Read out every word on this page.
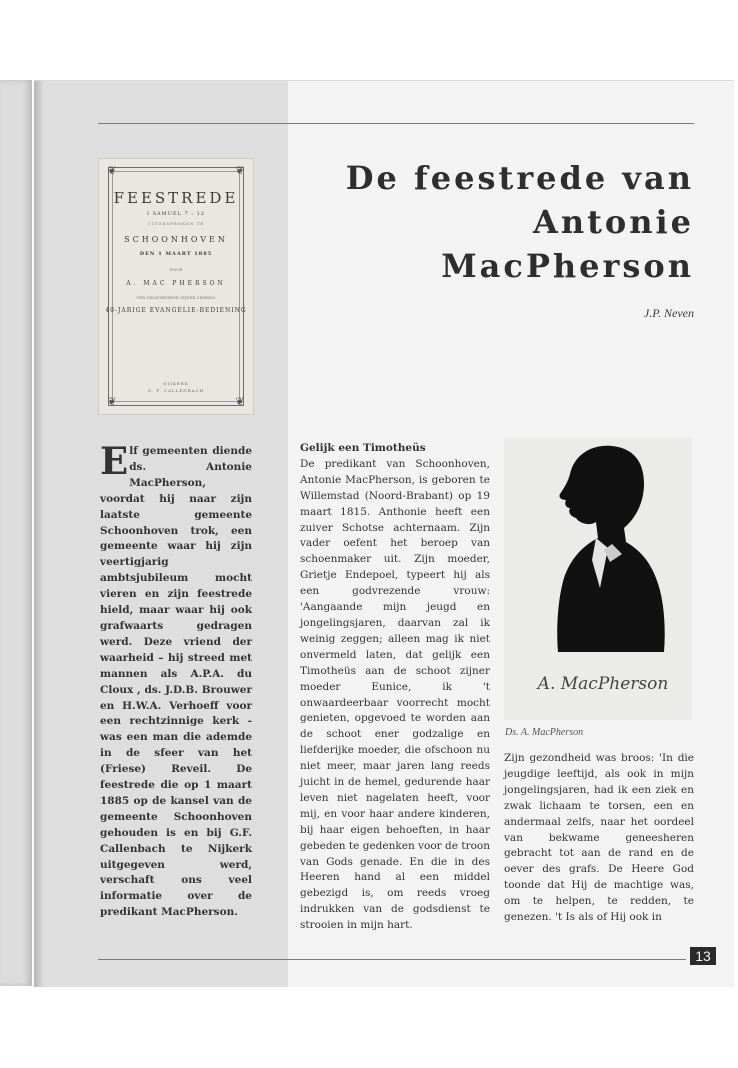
❦	❦
❦	❦
FEESTREDE
I SAMUEL 7 : 12
UITGESPROKEN TE
SCHOONHOVEN
DEN 1 MAART 1885
DOOR
A. MAC PHERSON
TER GELEGENHEID ZIJNER VIERING
40-JARIGE EVANGELIE-BEDIENING
NIJKERK
G. F. CALLENBACH
De feestrede van
Antonie
MacPherson
J.P. Neven
Elf gemeenten diende ds. Antonie MacPherson, voordat hij naar zijn laatste gemeente Schoonhoven trok, een gemeente waar hij zijn veertigjarig ambtsjubileum mocht vieren en zijn feestrede hield, maar waar hij ook grafwaarts gedragen werd. Deze vriend der waarheid – hij streed met mannen als A.P.A. du Cloux , ds. J.D.B. Brouwer en H.W.A. Verhoeff voor een rechtzinnige kerk - was een man die ademde in de sfeer van het (Friese) Reveil. De feestrede die op 1 maart 1885 op de kansel van de gemeente Schoonhoven gehouden is en bij G.F. Callenbach te Nijkerk uitgegeven werd, verschaft ons veel informatie over de predikant MacPherson.
Gelijk een Timotheüs
De predikant van Schoonhoven, Antonie MacPherson, is geboren te Willemstad (Noord-Brabant) op 19 maart 1815. Anthonie heeft een zuiver Schotse achternaam. Zijn vader oefent het beroep van schoenmaker uit. Zijn moeder, Grietje Endepoel, typeert hij als een godvrezende vrouw: 'Aangaande mijn jeugd en jongelingsjaren, daarvan zal ik weinig zeggen; alleen mag ik niet onvermeld laten, dat gelijk een Timotheüs aan de schoot zijner moeder Eunice, ik 't onwaardeerbaar voorrecht mocht genieten, opgevoed te worden aan de schoot ener godzalige en liefderijke moeder, die ofschoon nu niet meer, maar jaren lang reeds juicht in de hemel, gedurende haar leven niet nagelaten heeft, voor mij, en voor haar andere kinderen, bij haar eigen behoeften, in haar gebeden te gedenken voor de troon van Gods genade. En die in des Heeren hand al een middel gebezigd is, om reeds vroeg indrukken van de godsdienst te strooien in mijn hart.
A. MacPherson
Ds. A. MacPherson
Zijn gezondheid was broos: 'In die jeugdige leeftijd, als ook in mijn jongelingsjaren, had ik een ziek en zwak lichaam te torsen, een en andermaal zelfs, naar het oordeel van bekwame geneesheren gebracht tot aan de rand en de oever des grafs. De Heere God toonde dat Hij de machtige was, om te helpen, te redden, te genezen. 't Is als of Hij ook in
13
